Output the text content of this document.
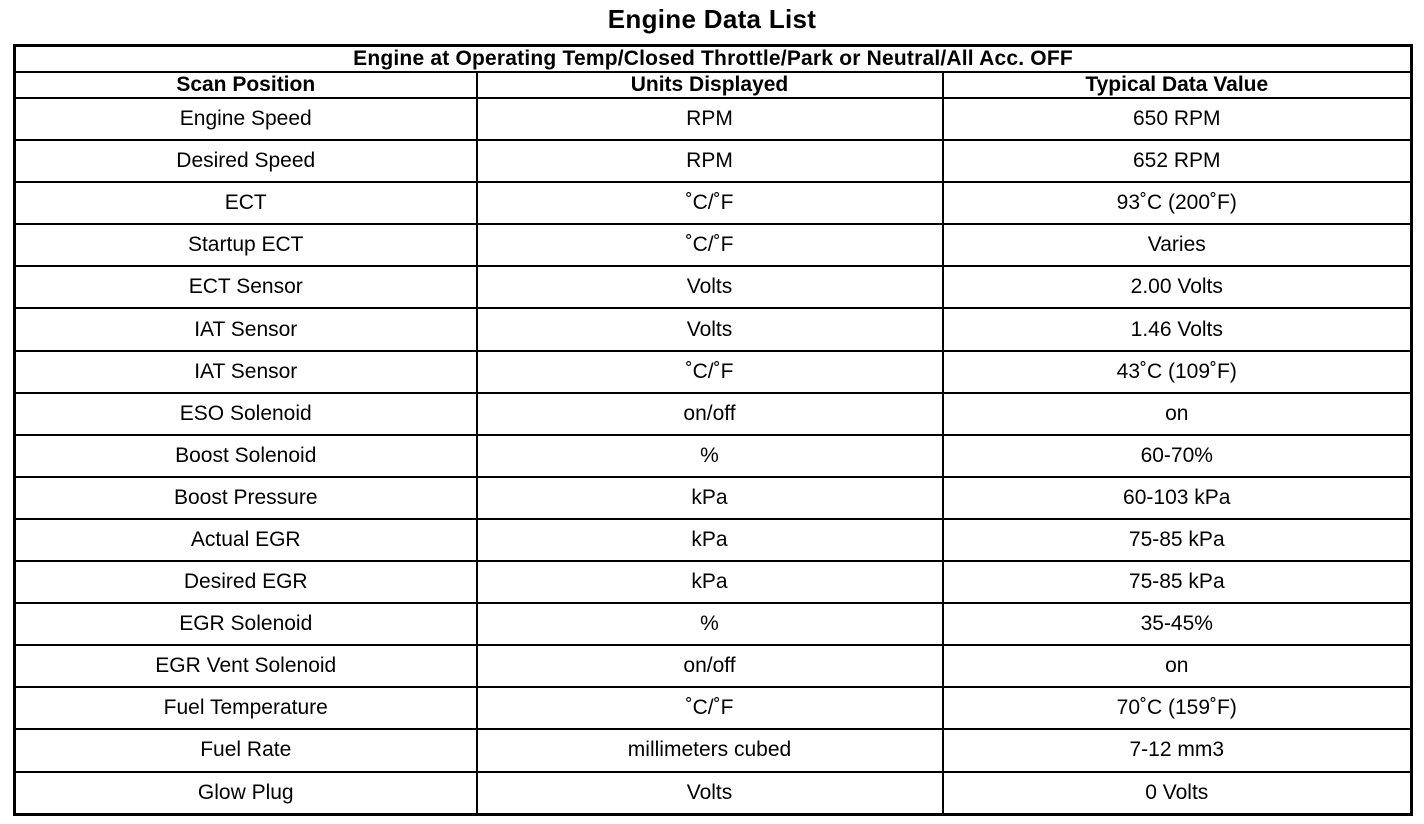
Engine Data List
Engine at Operating Temp/Closed Throttle/Park or Neutral/All Acc. OFF		
Scan Position	Units Displayed	Typical Data Value
Engine Speed	RPM	650 RPM
Desired Speed	RPM	652 RPM
ECT	˚C/˚F	93˚C (200˚F)
Startup ECT	˚C/˚F	Varies
ECT Sensor	Volts	2.00 Volts
IAT Sensor	Volts	1.46 Volts
IAT Sensor	˚C/˚F	43˚C (109˚F)
ESO Solenoid	on/off	on
Boost Solenoid	%	60-70%
Boost Pressure	kPa	60-103 kPa
Actual EGR	kPa	75-85 kPa
Desired EGR	kPa	75-85 kPa
EGR Solenoid	%	35-45%
EGR Vent Solenoid	on/off	on
Fuel Temperature	˚C/˚F	70˚C (159˚F)
Fuel Rate	millimeters cubed	7-12 mm3
Glow Plug	Volts	0 Volts
